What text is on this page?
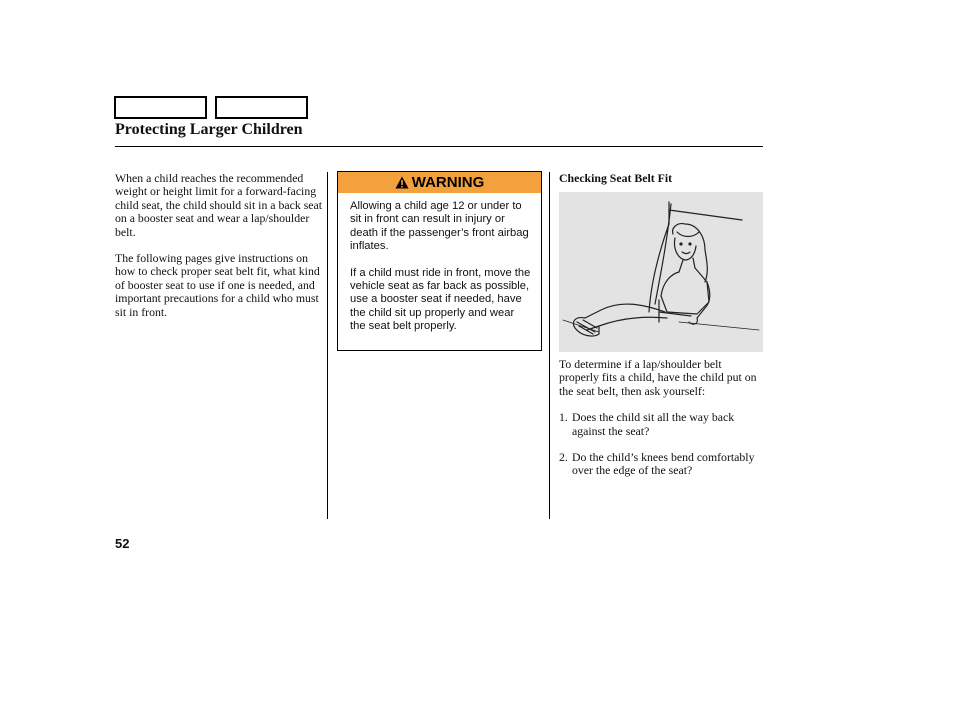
Protecting Larger Children

When a child reaches the recommended weight or height limit for a forward-facing child seat, the child should sit in a back seat on a booster seat and wear a lap/shoulder belt.

The following pages give instructions on how to check proper seat belt fit, what kind of booster seat to use if one is needed, and important precautions for a child who must sit in front.

WARNING

Allowing a child age 12 or under to sit in front can result in injury or death if the passenger’s front airbag inflates.

If a child must ride in front, move the vehicle seat as far back as possible, use a booster seat if needed, have the child sit up properly and wear the seat belt properly.

Checking Seat Belt Fit

To determine if a lap/shoulder belt properly fits a child, have the child put on the seat belt, then ask yourself:

1. Does the child sit all the way back against the seat?
2. Do the child’s knees bend comfortably over the edge of the seat?
52
